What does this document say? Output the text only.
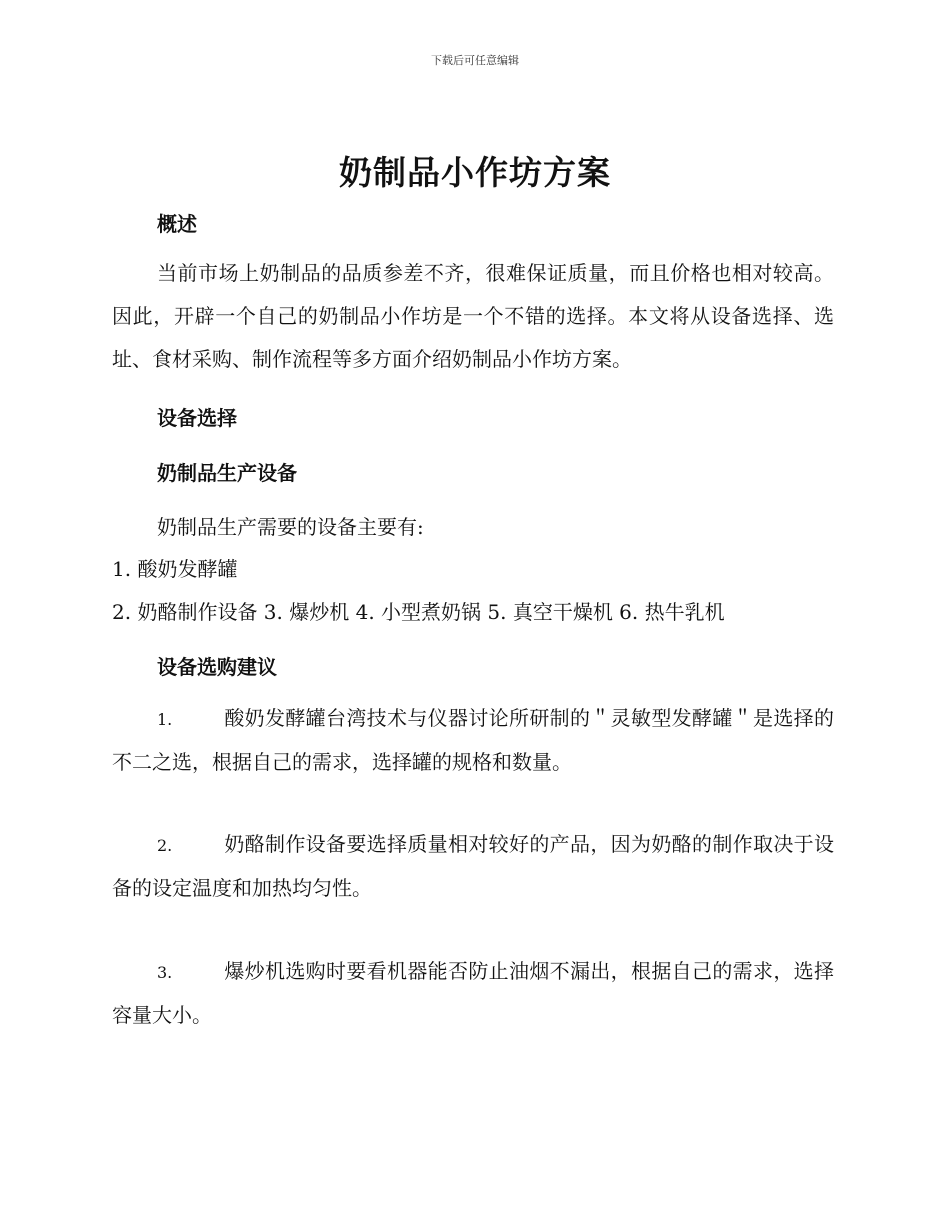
下载后可任意编辑
奶制品小作坊方案
概述

当前市场上奶制品的品质参差不齐，很难保证质量，而且价格也相对较高。因此，开辟一个自己的奶制品小作坊是一个不错的选择。本文将从设备选择、选址、食材采购、制作流程等多方面介绍奶制品小作坊方案。

设备选择
奶制品生产设备

奶制品生产需要的设备主要有:

1. 酸奶发酵罐

2. 奶酪制作设备 3. 爆炒机 4. 小型煮奶锅 5. 真空干燥机 6. 热牛乳机

设备选购建议

1.	酸奶发酵罐台湾技术与仪器讨论所研制的＂灵敏型发酵罐＂是选择的不二之选，根据自己的需求，选择罐的规格和数量。

2.	奶酪制作设备要选择质量相对较好的产品，因为奶酪的制作取决于设备的设定温度和加热均匀性。

3.	爆炒机选购时要看机器能否防止油烟不漏出，根据自己的需求，选择容量大小。
